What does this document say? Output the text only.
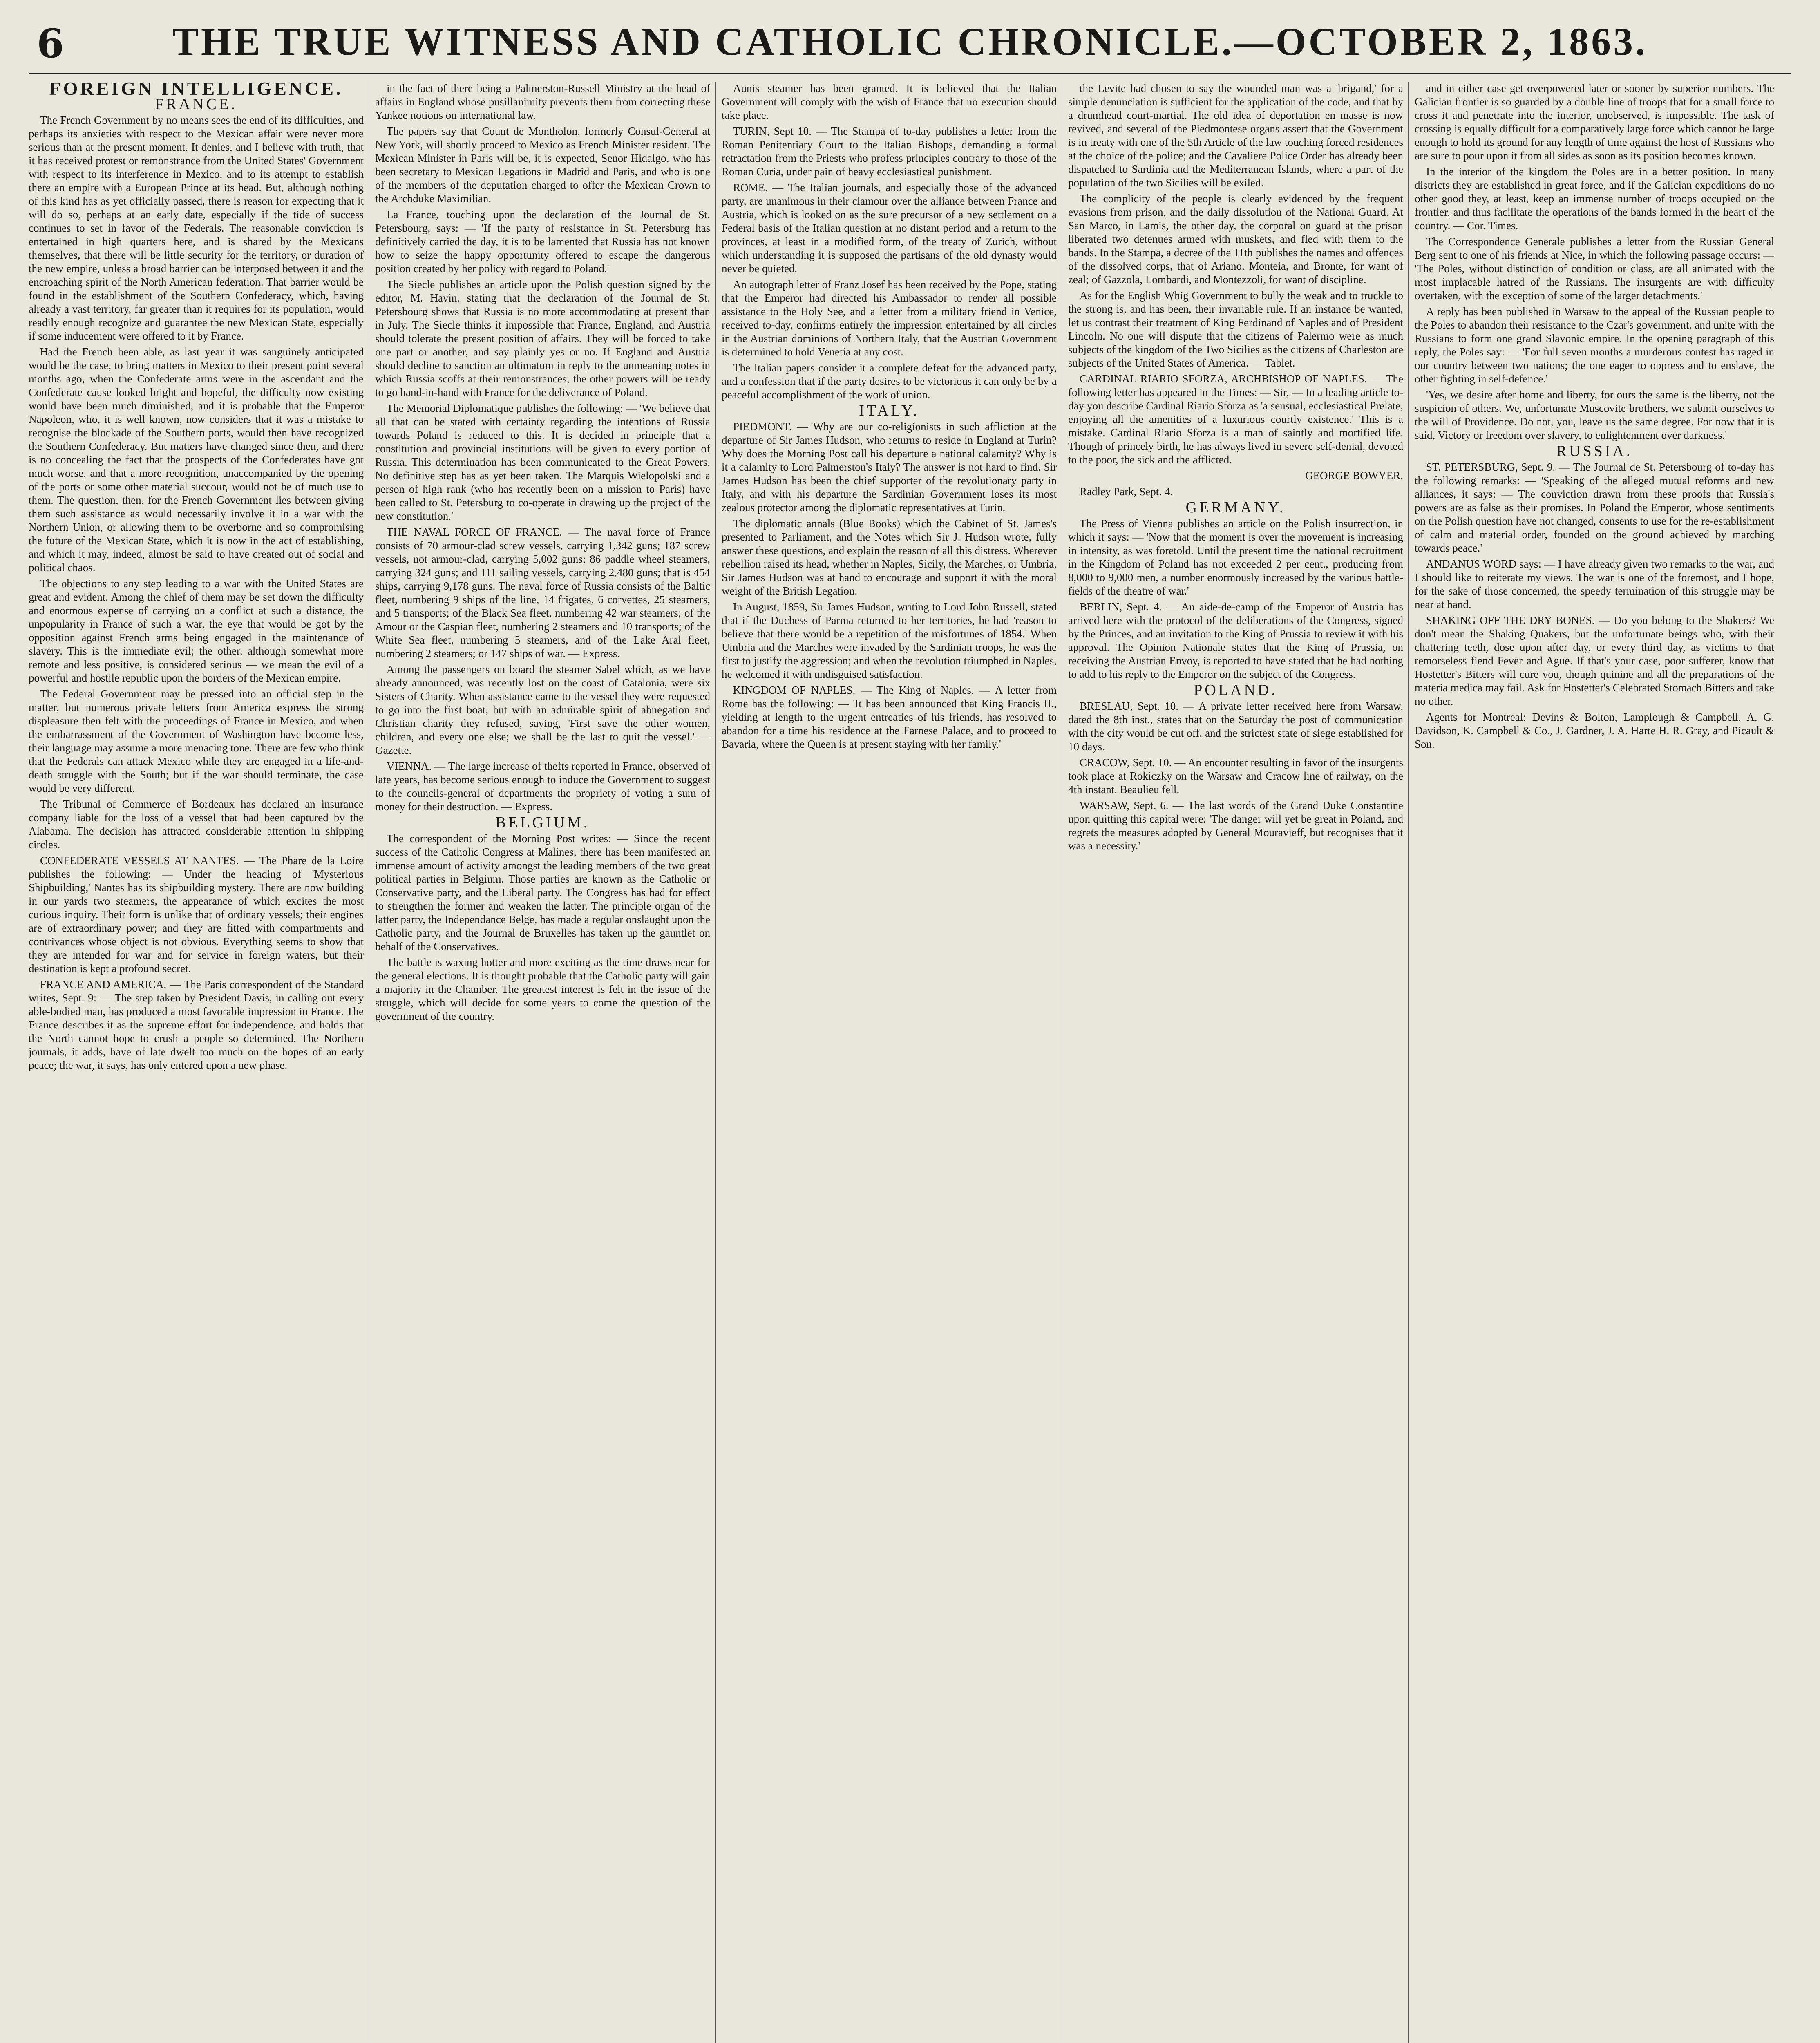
6	THE TRUE WITNESS AND CATHOLIC CHRONICLE.—OCTOBER 2, 1863.

FOREIGN INTELLIGENCE.

FRANCE.

The French Government by no means sees the end of its difficulties, and perhaps its anxieties with respect to the Mexican affair were never more serious than at the present moment. It denies, and I believe with truth, that it has received protest or remonstrance from the United States' Government with respect to its interference in Mexico, and to its attempt to establish there an empire with a European Prince at its head. But, although nothing of this kind has as yet officially passed, there is reason for expecting that it will do so, perhaps at an early date, especially if the tide of success continues to set in favor of the Federals. The reasonable conviction is entertained in high quarters here, and is shared by the Mexicans themselves, that there will be little security for the territory, or duration of the new empire, unless a broad barrier can be interposed between it and the encroaching spirit of the North American federation. That barrier would be found in the establishment of the Southern Confederacy, which, having already a vast territory, far greater than it requires for its population, would readily enough recognize and guarantee the new Mexican State, especially if some inducement were offered to it by France.

Had the French been able, as last year it was sanguinely anticipated would be the case, to bring matters in Mexico to their present point several months ago, when the Confederate arms were in the ascendant and the Confederate cause looked bright and hopeful, the difficulty now existing would have been much diminished, and it is probable that the Emperor Napoleon, who, it is well known, now considers that it was a mistake to recognise the blockade of the Southern ports, would then have recognized the Southern Confederacy. But matters have changed since then, and there is no concealing the fact that the prospects of the Confederates have got much worse, and that a more recognition, unaccompanied by the opening of the ports or some other material succour, would not be of much use to them. The question, then, for the French Government lies between giving them such assistance as would necessarily involve it in a war with the Northern Union, or allowing them to be overborne and so compromising the future of the Mexican State, which it is now in the act of establishing, and which it may, indeed, almost be said to have created out of social and political chaos.

The objections to any step leading to a war with the United States are great and evident. Among the chief of them may be set down the difficulty and enormous expense of carrying on a conflict at such a distance, the unpopularity in France of such a war, the eye that would be got by the opposition against French arms being engaged in the maintenance of slavery. This is the immediate evil; the other, although somewhat more remote and less positive, is considered serious — we mean the evil of a powerful and hostile republic upon the borders of the Mexican empire.

The Federal Government may be pressed into an official step in the matter, but numerous private letters from America express the strong displeasure then felt with the proceedings of France in Mexico, and when the embarrassment of the Government of Washington have become less, their language may assume a more menacing tone. There are few who think that the Federals can attack Mexico while they are engaged in a life-and-death struggle with the South; but if the war should terminate, the case would be very different.

The Tribunal of Commerce of Bordeaux has declared an insurance company liable for the loss of a vessel that had been captured by the Alabama. The decision has attracted considerable attention in shipping circles.

CONFEDERATE VESSELS AT NANTES. — The Phare de la Loire publishes the following: — Under the heading of 'Mysterious Shipbuilding,' Nantes has its shipbuilding mystery. There are now building in our yards two steamers, the appearance of which excites the most curious inquiry. Their form is unlike that of ordinary vessels; their engines are of extraordinary power; and they are fitted with compartments and contrivances whose object is not obvious. Everything seems to show that they are intended for war and for service in foreign waters, but their destination is kept a profound secret.

FRANCE AND AMERICA. — The Paris correspondent of the Standard writes, Sept. 9: — The step taken by President Davis, in calling out every able-bodied man, has produced a most favorable impression in France. The France describes it as the supreme effort for independence, and holds that the North cannot hope to crush a people so determined. The Northern journals, it adds, have of late dwelt too much on the hopes of an early peace; the war, it says, has only entered upon a new phase.

in the fact of there being a Palmerston-Russell Ministry at the head of affairs in England whose pusillanimity prevents them from correcting these Yankee notions on international law.

The papers say that Count de Montholon, formerly Consul-General at New York, will shortly proceed to Mexico as French Minister resident. The Mexican Minister in Paris will be, it is expected, Senor Hidalgo, who has been secretary to Mexican Legations in Madrid and Paris, and who is one of the members of the deputation charged to offer the Mexican Crown to the Archduke Maximilian.

La France, touching upon the declaration of the Journal de St. Petersbourg, says: — 'If the party of resistance in St. Petersburg has definitively carried the day, it is to be lamented that Russia has not known how to seize the happy opportunity offered to escape the dangerous position created by her policy with regard to Poland.'

The Siecle publishes an article upon the Polish question signed by the editor, M. Havin, stating that the declaration of the Journal de St. Petersbourg shows that Russia is no more accommodating at present than in July. The Siecle thinks it impossible that France, England, and Austria should tolerate the present position of affairs. They will be forced to take one part or another, and say plainly yes or no. If England and Austria should decline to sanction an ultimatum in reply to the unmeaning notes in which Russia scoffs at their remonstrances, the other powers will be ready to go hand-in-hand with France for the deliverance of Poland.

The Memorial Diplomatique publishes the following: — 'We believe that all that can be stated with certainty regarding the intentions of Russia towards Poland is reduced to this. It is decided in principle that a constitution and provincial institutions will be given to every portion of Russia. This determination has been communicated to the Great Powers. No definitive step has as yet been taken. The Marquis Wielopolski and a person of high rank (who has recently been on a mission to Paris) have been called to St. Petersburg to co-operate in drawing up the project of the new constitution.'

THE NAVAL FORCE OF FRANCE. — The naval force of France consists of 70 armour-clad screw vessels, carrying 1,342 guns; 187 screw vessels, not armour-clad, carrying 5,002 guns; 86 paddle wheel steamers, carrying 324 guns; and 111 sailing vessels, carrying 2,480 guns; that is 454 ships, carrying 9,178 guns. The naval force of Russia consists of the Baltic fleet, numbering 9 ships of the line, 14 frigates, 6 corvettes, 25 steamers, and 5 transports; of the Black Sea fleet, numbering 42 war steamers; of the Amour or the Caspian fleet, numbering 2 steamers and 10 transports; of the White Sea fleet, numbering 5 steamers, and of the Lake Aral fleet, numbering 2 steamers; or 147 ships of war. — Express.

Among the passengers on board the steamer Sabel which, as we have already announced, was recently lost on the coast of Catalonia, were six Sisters of Charity. When assistance came to the vessel they were requested to go into the first boat, but with an admirable spirit of abnegation and Christian charity they refused, saying, 'First save the other women, children, and every one else; we shall be the last to quit the vessel.' — Gazette.

VIENNA. — The large increase of thefts reported in France, observed of late years, has become serious enough to induce the Government to suggest to the councils-general of departments the propriety of voting a sum of money for their destruction. — Express.

BELGIUM.

The correspondent of the Morning Post writes: — Since the recent success of the Catholic Congress at Malines, there has been manifested an immense amount of activity amongst the leading members of the two great political parties in Belgium. Those parties are known as the Catholic or Conservative party, and the Liberal party. The Congress has had for effect to strengthen the former and weaken the latter. The principle organ of the latter party, the Independance Belge, has made a regular onslaught upon the Catholic party, and the Journal de Bruxelles has taken up the gauntlet on behalf of the Conservatives.

The battle is waxing hotter and more exciting as the time draws near for the general elections. It is thought probable that the Catholic party will gain a majority in the Chamber. The greatest interest is felt in the issue of the struggle, which will decide for some years to come the question of the government of the country.

Aunis steamer has been granted. It is believed that the Italian Government will comply with the wish of France that no execution should take place.

TURIN, Sept 10. — The Stampa of to-day publishes a letter from the Roman Penitentiary Court to the Italian Bishops, demanding a formal retractation from the Priests who profess principles contrary to those of the Roman Curia, under pain of heavy ecclesiastical punishment.

ROME. — The Italian journals, and especially those of the advanced party, are unanimous in their clamour over the alliance between France and Austria, which is looked on as the sure precursor of a new settlement on a Federal basis of the Italian question at no distant period and a return to the provinces, at least in a modified form, of the treaty of Zurich, without which understanding it is supposed the partisans of the old dynasty would never be quieted.

An autograph letter of Franz Josef has been received by the Pope, stating that the Emperor had directed his Ambassador to render all possible assistance to the Holy See, and a letter from a military friend in Venice, received to-day, confirms entirely the impression entertained by all circles in the Austrian dominions of Northern Italy, that the Austrian Government is determined to hold Venetia at any cost.

The Italian papers consider it a complete defeat for the advanced party, and a confession that if the party desires to be victorious it can only be by a peaceful accomplishment of the work of union.

ITALY.

PIEDMONT. — Why are our co-religionists in such affliction at the departure of Sir James Hudson, who returns to reside in England at Turin? Why does the Morning Post call his departure a national calamity? Why is it a calamity to Lord Palmerston's Italy? The answer is not hard to find. Sir James Hudson has been the chief supporter of the revolutionary party in Italy, and with his departure the Sardinian Government loses its most zealous protector among the diplomatic representatives at Turin.

The diplomatic annals (Blue Books) which the Cabinet of St. James's presented to Parliament, and the Notes which Sir J. Hudson wrote, fully answer these questions, and explain the reason of all this distress. Wherever rebellion raised its head, whether in Naples, Sicily, the Marches, or Umbria, Sir James Hudson was at hand to encourage and support it with the moral weight of the British Legation.

In August, 1859, Sir James Hudson, writing to Lord John Russell, stated that if the Duchess of Parma returned to her territories, he had 'reason to believe that there would be a repetition of the misfortunes of 1854.' When Umbria and the Marches were invaded by the Sardinian troops, he was the first to justify the aggression; and when the revolution triumphed in Naples, he welcomed it with undisguised satisfaction.

KINGDOM OF NAPLES. — The King of Naples. — A letter from Rome has the following: — 'It has been announced that King Francis II., yielding at length to the urgent entreaties of his friends, has resolved to abandon for a time his residence at the Farnese Palace, and to proceed to Bavaria, where the Queen is at present staying with her family.'

the Levite had chosen to say the wounded man was a 'brigand,' for a simple denunciation is sufficient for the application of the code, and that by a drumhead court-martial. The old idea of deportation en masse is now revived, and several of the Piedmontese organs assert that the Government is in treaty with one of the 5th Article of the law touching forced residences at the choice of the police; and the Cavaliere Police Order has already been dispatched to Sardinia and the Mediterranean Islands, where a part of the population of the two Sicilies will be exiled.

The complicity of the people is clearly evidenced by the frequent evasions from prison, and the daily dissolution of the National Guard. At San Marco, in Lamis, the other day, the corporal on guard at the prison liberated two detenues armed with muskets, and fled with them to the bands. In the Stampa, a decree of the 11th publishes the names and offences of the dissolved corps, that of Ariano, Monteia, and Bronte, for want of zeal; of Gazzola, Lombardi, and Montezzoli, for want of discipline.

As for the English Whig Government to bully the weak and to truckle to the strong is, and has been, their invariable rule. If an instance be wanted, let us contrast their treatment of King Ferdinand of Naples and of President Lincoln. No one will dispute that the citizens of Palermo were as much subjects of the kingdom of the Two Sicilies as the citizens of Charleston are subjects of the United States of America. — Tablet.

CARDINAL RIARIO SFORZA, ARCHBISHOP OF NAPLES. — The following letter has appeared in the Times: — Sir, — In a leading article to-day you describe Cardinal Riario Sforza as 'a sensual, ecclesiastical Prelate, enjoying all the amenities of a luxurious courtly existence.' This is a mistake. Cardinal Riario Sforza is a man of saintly and mortified life. Though of princely birth, he has always lived in severe self-denial, devoted to the poor, the sick and the afflicted.

GEORGE BOWYER.

Radley Park, Sept. 4.

GERMANY.

The Press of Vienna publishes an article on the Polish insurrection, in which it says: — 'Now that the moment is over the movement is increasing in intensity, as was foretold. Until the present time the national recruitment in the Kingdom of Poland has not exceeded 2 per cent., producing from 8,000 to 9,000 men, a number enormously increased by the various battle-fields of the theatre of war.'

BERLIN, Sept. 4. — An aide-de-camp of the Emperor of Austria has arrived here with the protocol of the deliberations of the Congress, signed by the Princes, and an invitation to the King of Prussia to review it with his approval. The Opinion Nationale states that the King of Prussia, on receiving the Austrian Envoy, is reported to have stated that he had nothing to add to his reply to the Emperor on the subject of the Congress.

POLAND.

BRESLAU, Sept. 10. — A private letter received here from Warsaw, dated the 8th inst., states that on the Saturday the post of communication with the city would be cut off, and the strictest state of siege established for 10 days.

CRACOW, Sept. 10. — An encounter resulting in favor of the insurgents took place at Rokiczky on the Warsaw and Cracow line of railway, on the 4th instant. Beaulieu fell.

WARSAW, Sept. 6. — The last words of the Grand Duke Constantine upon quitting this capital were: 'The danger will yet be great in Poland, and regrets the measures adopted by General Mouravieff, but recognises that it was a necessity.'

and in either case get overpowered later or sooner by superior numbers. The Galician frontier is so guarded by a double line of troops that for a small force to cross it and penetrate into the interior, unobserved, is impossible. The task of crossing is equally difficult for a comparatively large force which cannot be large enough to hold its ground for any length of time against the host of Russians who are sure to pour upon it from all sides as soon as its position becomes known.

In the interior of the kingdom the Poles are in a better position. In many districts they are established in great force, and if the Galician expeditions do no other good they, at least, keep an immense number of troops occupied on the frontier, and thus facilitate the operations of the bands formed in the heart of the country. — Cor. Times.

The Correspondence Generale publishes a letter from the Russian General Berg sent to one of his friends at Nice, in which the following passage occurs: — 'The Poles, without distinction of condition or class, are all animated with the most implacable hatred of the Russians. The insurgents are with difficulty overtaken, with the exception of some of the larger detachments.'

A reply has been published in Warsaw to the appeal of the Russian people to the Poles to abandon their resistance to the Czar's government, and unite with the Russians to form one grand Slavonic empire. In the opening paragraph of this reply, the Poles say: — 'For full seven months a murderous contest has raged in our country between two nations; the one eager to oppress and to enslave, the other fighting in self-defence.'

'Yes, we desire after home and liberty, for ours the same is the liberty, not the suspicion of others. We, unfortunate Muscovite brothers, we submit ourselves to the will of Providence. Do not, you, leave us the same degree. For now that it is said, Victory or freedom over slavery, to enlightenment over darkness.'

RUSSIA.

ST. PETERSBURG, Sept. 9. — The Journal de St. Petersbourg of to-day has the following remarks: — 'Speaking of the alleged mutual reforms and new alliances, it says: — The conviction drawn from these proofs that Russia's powers are as false as their promises. In Poland the Emperor, whose sentiments on the Polish question have not changed, consents to use for the re-establishment of calm and material order, founded on the ground achieved by marching towards peace.'

ANDANUS WORD says: — I have already given two remarks to the war, and I should like to reiterate my views. The war is one of the foremost, and I hope, for the sake of those concerned, the speedy termination of this struggle may be near at hand.

SHAKING OFF THE DRY BONES. — Do you belong to the Shakers? We don't mean the Shaking Quakers, but the unfortunate beings who, with their chattering teeth, dose upon after day, or every third day, as victims to that remorseless fiend Fever and Ague. If that's your case, poor sufferer, know that Hostetter's Bitters will cure you, though quinine and all the preparations of the materia medica may fail. Ask for Hostetter's Celebrated Stomach Bitters and take no other.

Agents for Montreal: Devins & Bolton, Lamplough & Campbell, A. G. Davidson, K. Campbell & Co., J. Gardner, J. A. Harte H. R. Gray, and Picault & Son.
